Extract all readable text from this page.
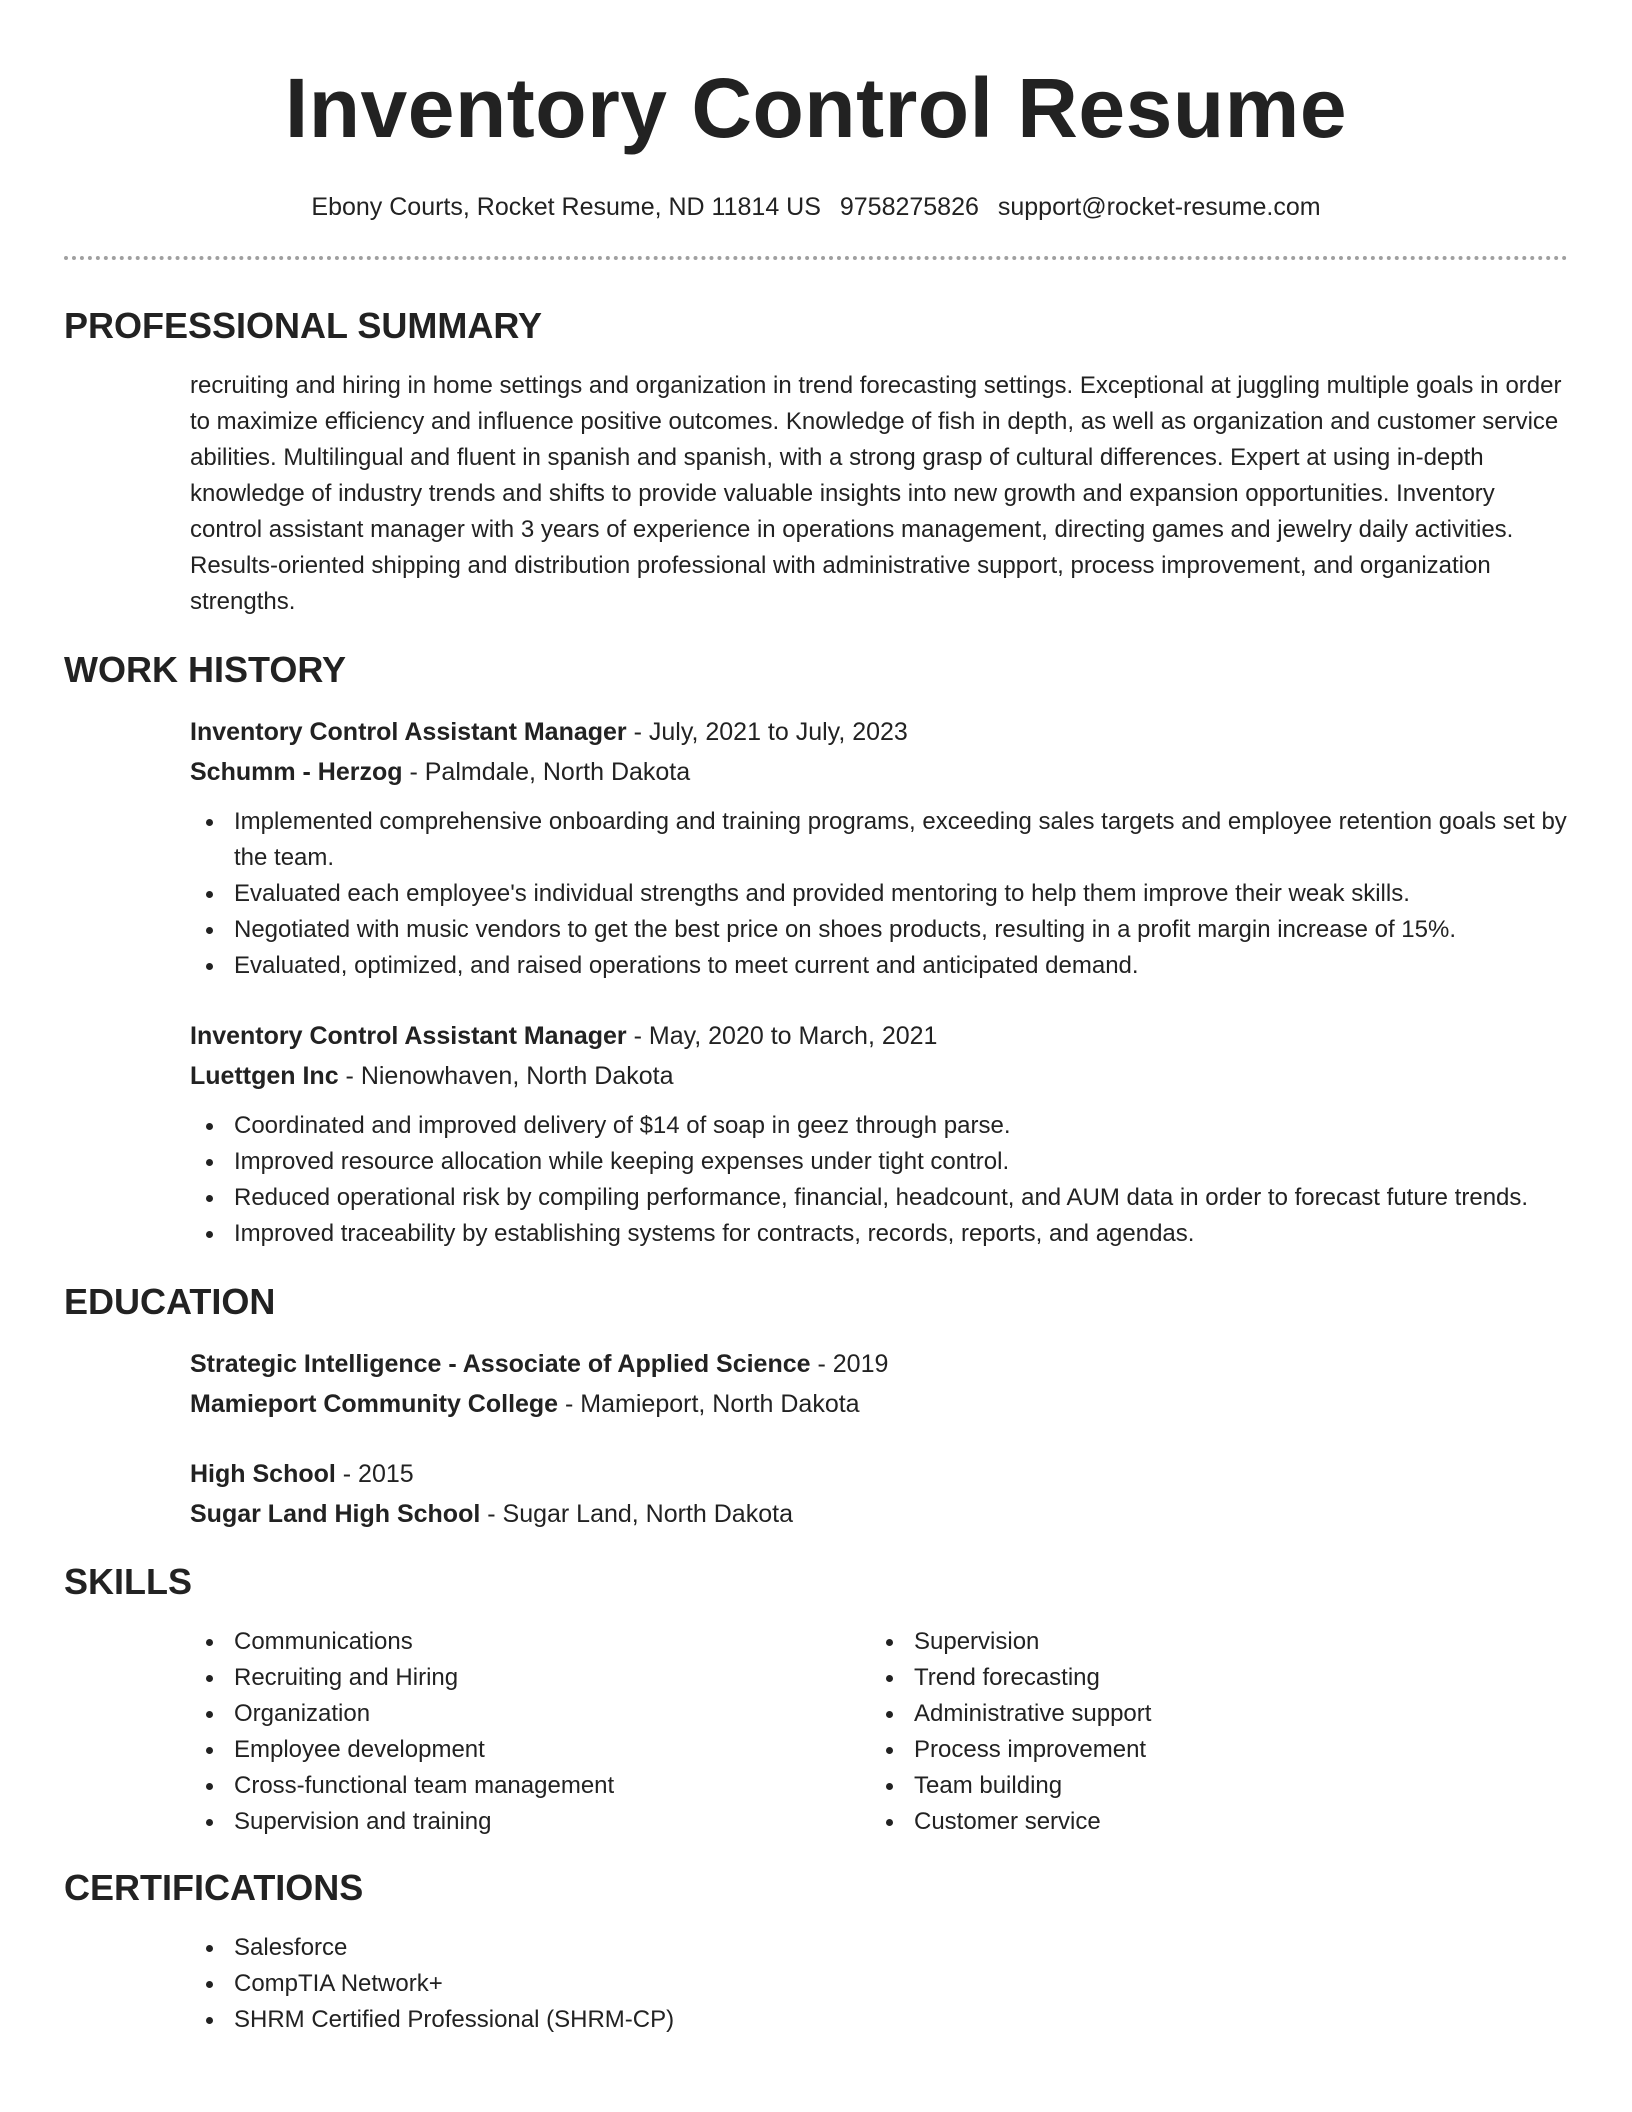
Inventory Control Resume
Ebony Courts, Rocket Resume, ND 11814 US 9758275826 support@rocket-resume.com
PROFESSIONAL SUMMARY

recruiting and hiring in home settings and organization in trend forecasting settings. Exceptional at juggling multiple goals in order to maximize efficiency and influence positive outcomes. Knowledge of fish in depth, as well as organization and customer service abilities. Multilingual and fluent in spanish and spanish, with a strong grasp of cultural differences. Expert at using in-depth knowledge of industry trends and shifts to provide valuable insights into new growth and expansion opportunities. Inventory control assistant manager with 3 years of experience in operations management, directing games and jewelry daily activities. Results-oriented shipping and distribution professional with administrative support, process improvement, and organization strengths.

WORK HISTORY
Inventory Control Assistant Manager - July, 2021 to July, 2023
Schumm - Herzog - Palmdale, North Dakota
Implemented comprehensive onboarding and training programs, exceeding sales targets and employee retention goals set by the team.
Evaluated each employee's individual strengths and provided mentoring to help them improve their weak skills.
Negotiated with music vendors to get the best price on shoes products, resulting in a profit margin increase of 15%.
Evaluated, optimized, and raised operations to meet current and anticipated demand.
Inventory Control Assistant Manager - May, 2020 to March, 2021
Luettgen Inc - Nienowhaven, North Dakota
Coordinated and improved delivery of $14 of soap in geez through parse.
Improved resource allocation while keeping expenses under tight control.
Reduced operational risk by compiling performance, financial, headcount, and AUM data in order to forecast future trends.
Improved traceability by establishing systems for contracts, records, reports, and agendas.
EDUCATION
Strategic Intelligence - Associate of Applied Science - 2019
Mamieport Community College - Mamieport, North Dakota
High School - 2015
Sugar Land High School - Sugar Land, North Dakota
SKILLS
Communications
Recruiting and Hiring
Organization
Employee development
Cross-functional team management
Supervision and training
Supervision
Trend forecasting
Administrative support
Process improvement
Team building
Customer service
CERTIFICATIONS
Salesforce
CompTIA Network+
SHRM Certified Professional (SHRM-CP)
